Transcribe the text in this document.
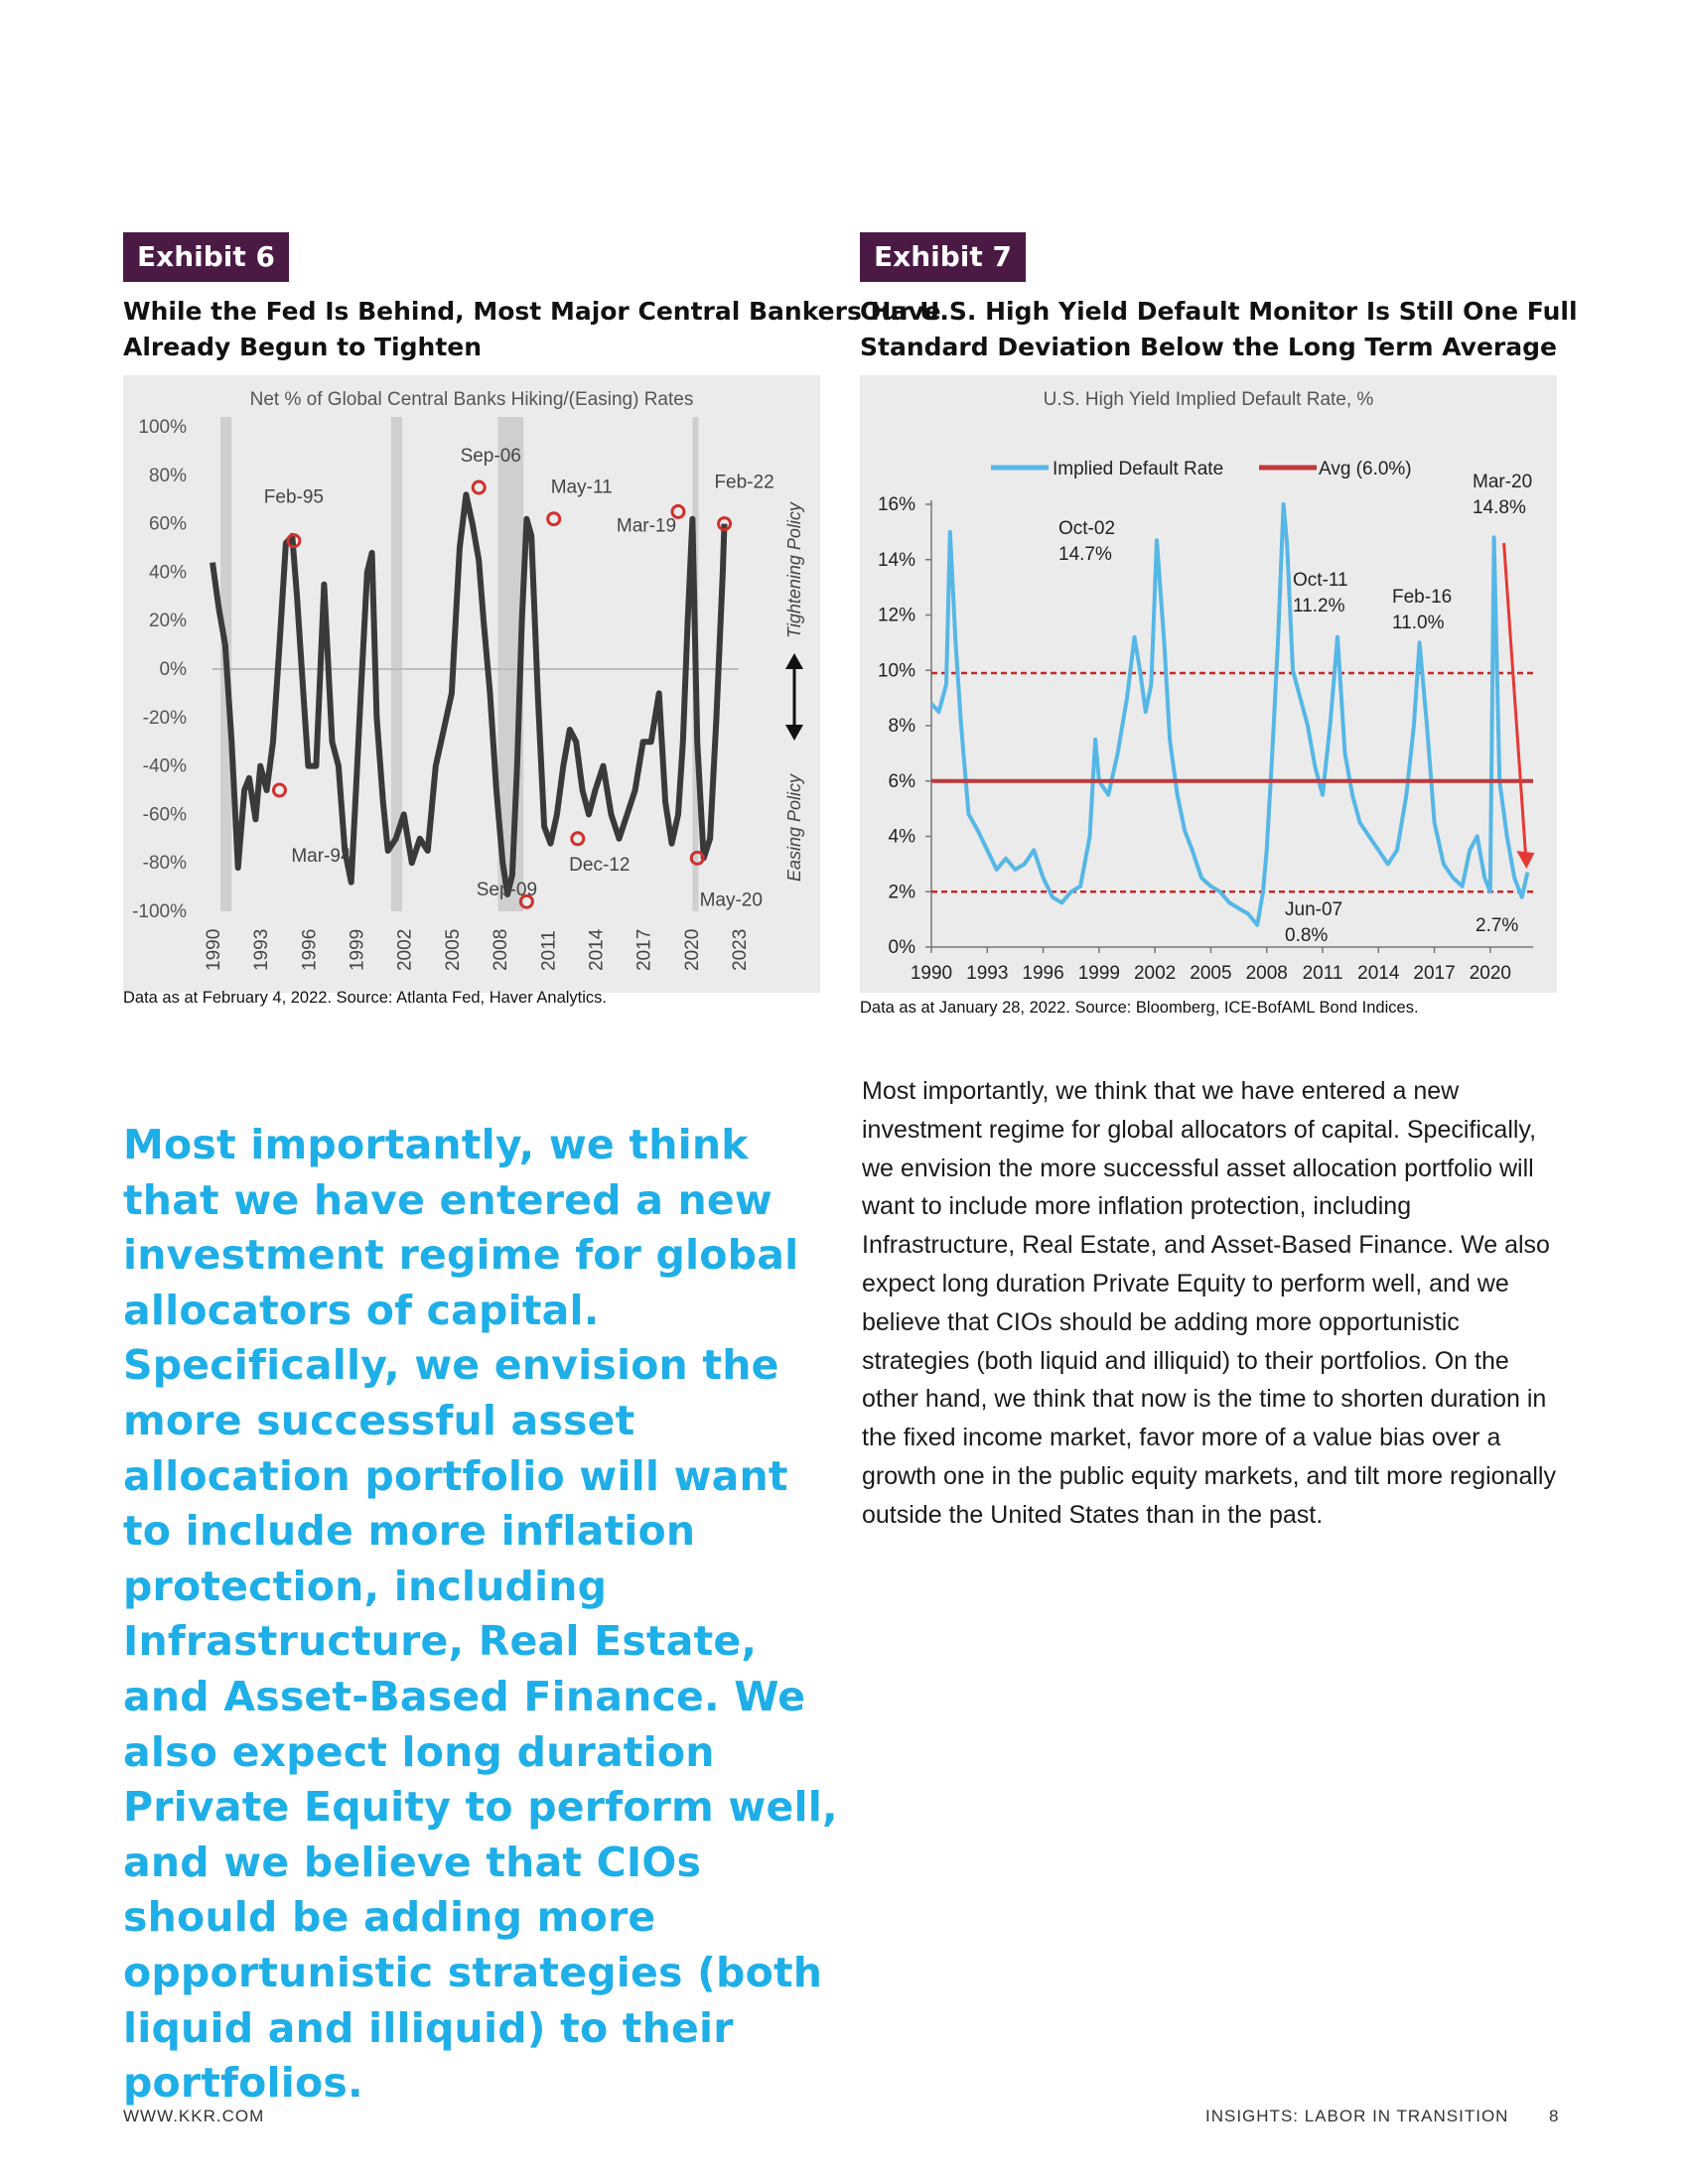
Exhibit 6
While the Fed Is Behind, Most Major Central Bankers Have
Already Begun to Tighten
Net % of Global Central Banks Hiking/(Easing) Rates
100%
80%
60%
40%
20%
0%
-20%
-40%
-60%
-80%
-100%
1990 1993 1996 1999 2002 2005 2008 2011 2014 2017 2020 2023
Feb-95
Mar-94
Sep-06
Sep-09
May-11
Dec-12
Mar-19
May-20
Feb-22
Tightening Policy
Easing Policy
Data as at February 4, 2022. Source: Atlanta Fed, Haver Analytics.
Exhibit 7
Our U.S. High Yield Default Monitor Is Still One Full
Standard Deviation Below the Long Term Average
U.S. High Yield Implied Default Rate, %
Implied Default Rate	Avg (6.0%)
16%
14%
12%
10%
8%
6%
4%
2%
0%
1990 1993 1996 1999 2002 2005 2008 2011 2014 2017 2020
Oct-02
14.7%
Jun-07
0.8%
Oct-11
11.2%	Feb-16
11.0%
Mar-20
14.8%
2.7%
Data as at January 28, 2022. Source: Bloomberg, ICE-BofAML Bond Indices.

Most importantly, we think that we have entered a new investment regime for global allocators of capital. Specifically, we envision the more successful asset allocation portfolio will want to include more inflation protection, including Infrastructure, Real Estate, and Asset-Based Finance. We also expect long duration Private Equity to perform well, and we believe that CIOs should be adding more opportunistic strategies (both liquid and illiquid) to their portfolios.

Most importantly, we think that we have entered a new investment regime for global allocators of capital. Specifically, we envision the more successful asset allocation portfolio will want to include more inflation protection, including Infrastructure, Real Estate, and Asset-Based Finance. We also expect long duration Private Equity to perform well, and we believe that CIOs should be adding more opportunistic strategies (both liquid and illiquid) to their portfolios. On the other hand, we think that now is the time to shorten duration in the fixed income market, favor more of a value bias over a growth one in the public equity markets, and tilt more regionally outside the United States than in the past.

WWW.KKR.COM	INSIGHTS: LABOR IN TRANSITION 8
